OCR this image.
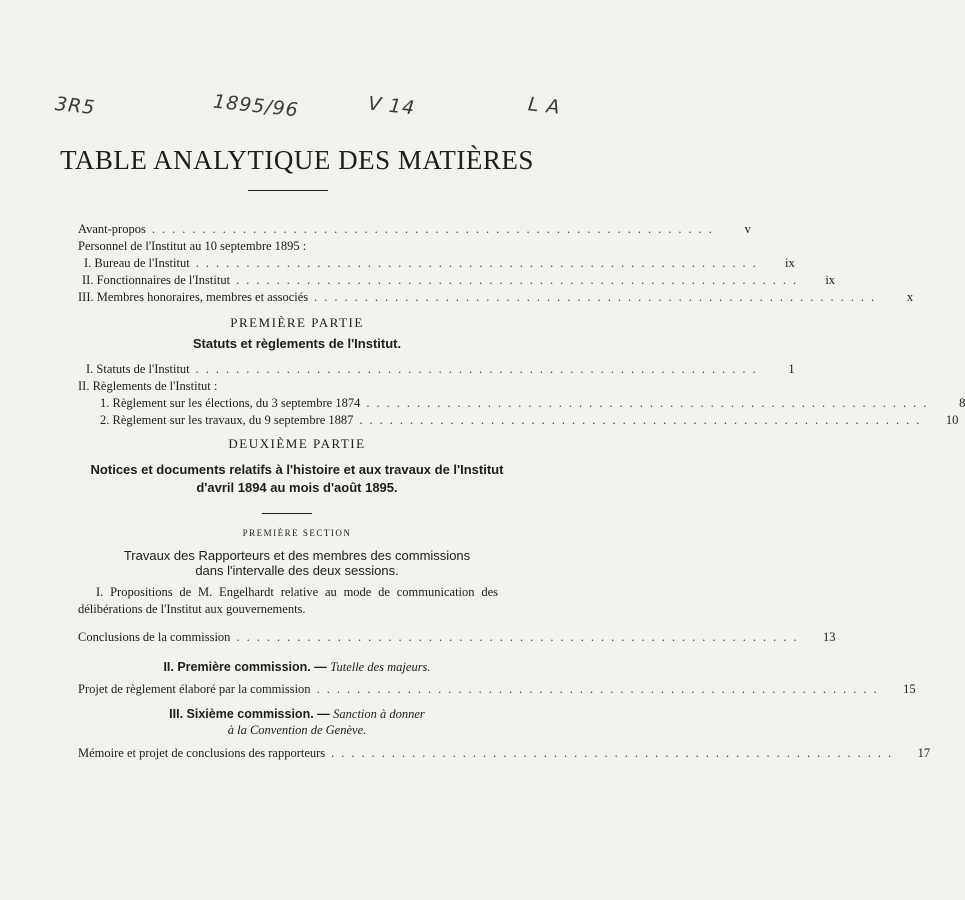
3R5	1895/96	V 14	L A
TABLE ANALYTIQUE DES MATIÈRES
Avant-propos ........................................................	v
Personnel de l'Institut au 10 septembre 1895 :
I. Bureau de l'Institut ........................................................	ix
II. Fonctionnaires de l'Institut ........................................................	ix
III. Membres honoraires, membres et associés ........................................................	x
PREMIÈRE PARTIE
Statuts et règlements de l'Institut.
I. Statuts de l'Institut ........................................................	1
II. Règlements de l'Institut :
1. Règlement sur les élections, du 3 septembre 1874 ........................................................	8
2. Règlement sur les travaux, du 9 septembre 1887 ........................................................	10
DEUXIÈME PARTIE
Notices et documents relatifs à l'histoire et aux travaux de l'Institut
d'avril 1894 au mois d'août 1895.
PREMIÈRE SECTION
Travaux des Rapporteurs et des membres des commissions
dans l'intervalle des deux sessions.
I. Propositions de M. Engelhardt relative au mode de communication des délibérations de l'Institut aux gouvernements.
Conclusions de la commission ........................................................	13
II. Première commission. — Tutelle des majeurs.
Projet de règlement élaboré par la commission ........................................................	15
III. Sixième commission. — Sanction à donner
à la Convention de Genève.
Mémoire et projet de conclusions des rapporteurs ........................................................	17
